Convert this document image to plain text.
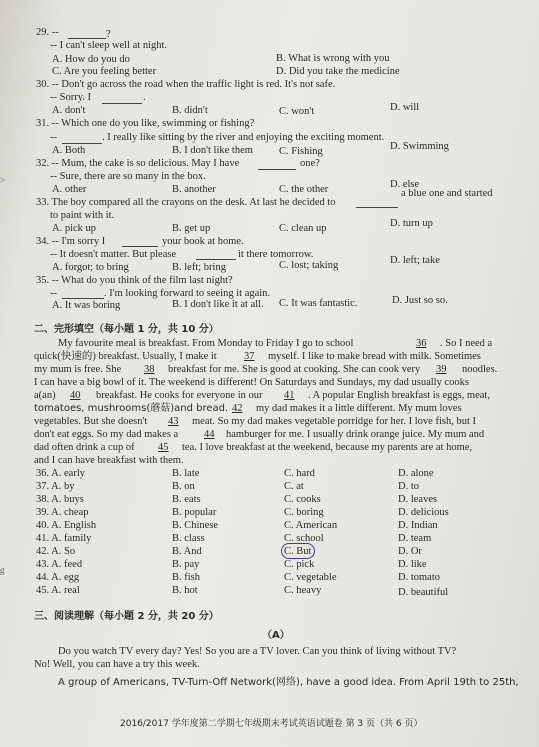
>
g
29. --	?
-- I can't sleep well at night.
A. How do you do	B. What is wrong with you
C. Are you feeling better	D. Did you take the medicine
30. -- Don't go across the road when the traffic light is red. It's not safe.
-- Sorry. I	.
A. don't	B. didn't	C. won't	D. will
31. -- Which one do you like, swimming or fishing?
--	. I really like sitting by the river and enjoying the exciting moment.
A. Both	B. I don't like them C. Fishing	D. Swimming
32. -- Mum, the cake is so delicious. May I have	one?
-- Sure, there are so many in the box.
A. other	B. another	C. the other	D. else
33. The boy compared all the crayons on the desk. At last he decided to
a blue one and started
to paint with it.
A. pick up	B. get up	C. clean up	D. turn up
34. -- I'm sorry I	your book at home.
-- It doesn't matter. But please	it there tomorrow.
A. forgot; to bring	B. left; bring	C. lost; taking	D. left; take
35. -- What do you think of the film last night?
--	. I'm looking forward to seeing it again.
A. It was boring	B. I don't like it at all. C. It was fantastic.	D. Just so so.
二、完形填空（每小题 1 分，共 10 分）
My favourite meal is breakfast. From Monday to Friday I go to school	36	. So I need a
quick(快速的) breakfast. Usually, I make it	37	myself. I like to make bread with milk. Sometimes
my mum is free. She	38	breakfast for me. She is good at cooking. She can cook very	39	noodles.
I can have a big bowl of it. The weekend is different! On Saturdays and Sundays, my dad usually cooks
a(an)	40	breakfast. He cooks for everyone in our	41	. A popular English breakfast is eggs, meat,
tomatoes, mushrooms(蘑菇)and bread. 42	my dad makes it a little different. My mum loves
vegetables. But she doesn't	43	meat. So my dad makes vegetable porridge for her. I love fish, but I
don't eat eggs. So my dad makes a	44	hamburger for me. I usually drink orange juice. My mum and
dad often drink a cup of	45	tea. I love breakfast at the weekend, because my parents are at home,
and I can have breakfast with them.
36. A. early	B. late	C. hard	D. alone
37. A. by	B. on	C. at	D. to
38. A. buys	B. eats	C. cooks	D. leaves
39. A. cheap	B. popular	C. boring	D. delicious
40. A. English	B. Chinese	C. American	D. Indian
41. A. family	B. class	C. school	D. team
42. A. So	B. And	C. But	D. Or
43. A. feed	B. pay	C. pick	D. like
44. A. egg	B. fish	C. vegetable	D. tomato
45. A. real	B. hot	C. heavy	D. beautiful
三、阅读理解（每小题 2 分，共 20 分）
（A）
Do you watch TV every day? Yes! So you are a TV lover. Can you think of living without TV?
No! Well, you can have a try this week.
A group of Americans, TV-Turn-Off Network(网络), have a good idea. From April 19th to 25th,
2016/2017 学年度第二学期七年级期末考试英语试题卷 第 3 页（共 6 页）
